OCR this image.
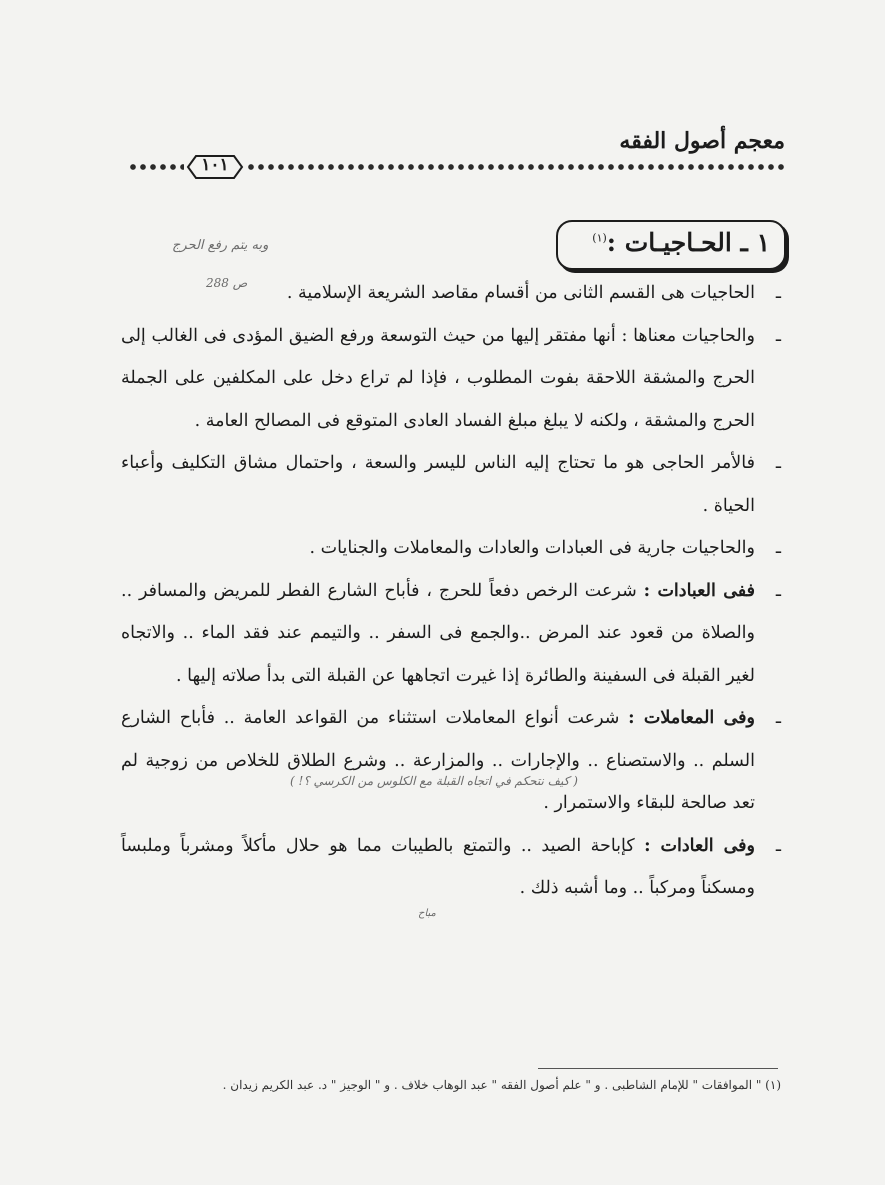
معجم أصول الفقه
١٠١
١ ـ الحـاجيـات :$^{(١)}$
وبه يتم رفع الحرج
ص 288
( كيف نتحكم في اتجاه القبلة مع الكلوس من الكرسي ؟! )
مباح

ـ
الحاجيات هى القسم الثانى من أقسام مقاصد الشريعة الإسلامية .

ـ
والحاجيات معناها : أنها مفتقر إليها من حيث التوسعة ورفع الضيق المؤدى فى الغالب إلى الحرج والمشقة اللاحقة بفوت المطلوب ، فإذا لم تراع دخل على المكلفين على الجملة الحرج والمشقة ، ولكنه لا يبلغ مبلغ الفساد العادى المتوقع فى المصالح العامة .

ـ
فالأمر الحاجى هو ما تحتاج إليه الناس لليسر والسعة ، واحتمال مشاق التكليف وأعباء الحياة .

ـ
والحاجيات جارية فى العبادات والعادات والمعاملات والجنايات .

ـ
ففى العبادات : شرعت الرخص دفعاً للحرج ، فأباح الشارع الفطر للمريض والمسافر .. والصلاة من قعود عند المرض ..والجمع فى السفر .. والتيمم عند فقد الماء .. والاتجاه لغير القبلة فى السفينة والطائرة إذا غيرت اتجاهها عن القبلة التى بدأ صلاته إليها .

ـ
وفى المعاملات : شرعت أنواع المعاملات استثناء من القواعد العامة .. فأباح الشارع السلم .. والاستصناع .. والإجارات .. والمزارعة .. وشرع الطلاق للخلاص من زوجية لم تعد صالحة للبقاء والاستمرار .

ـ
وفى العادات : كإباحة الصيد .. والتمتع بالطيبات مما هو حلال مأكلاً ومشرباً وملبساً ومسكناً ومركباً .. وما أشبه ذلك .

(١) " الموافقات " للإمام الشاطبى . و " علم أصول الفقه " عبد الوهاب خلاف . و " الوجيز " د. عبد الكريم زيدان .
